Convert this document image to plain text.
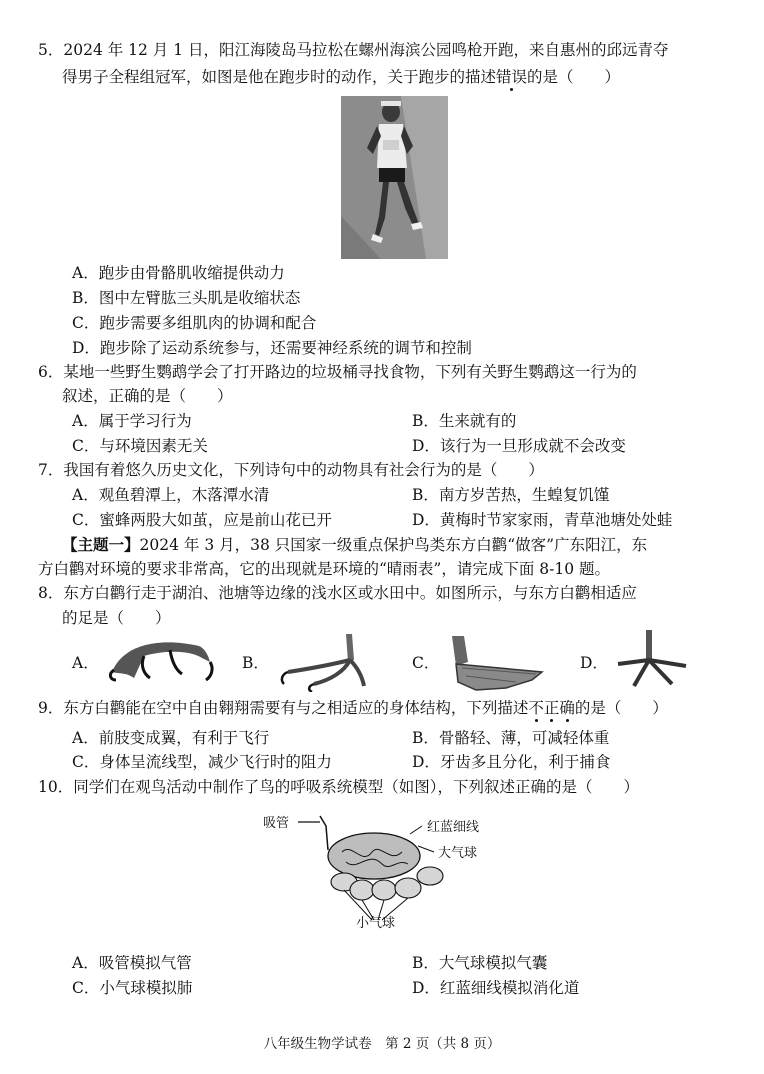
5．2024 年 12 月 1 日，阳江海陵岛马拉松在螺州海滨公园鸣枪开跑，来自惠州的邱远青夺
得男子全程组冠军，如图是他在跑步时的动作，关于跑步的描述错误的是（　　）
A．跑步由骨骼肌收缩提供动力
B．图中左臂肱三头肌是收缩状态
C．跑步需要多组肌肉的协调和配合
D．跑步除了运动系统参与，还需要神经系统的调节和控制
6．某地一些野生鹦鹉学会了打开路边的垃圾桶寻找食物，下列有关野生鹦鹉这一行为的
叙述，正确的是（　　）
A．属于学习行为	B．生来就有的
C．与环境因素无关	D．该行为一旦形成就不会改变
7．我国有着悠久历史文化，下列诗句中的动物具有社会行为的是（　　）
A．观鱼碧潭上，木落潭水清	B．南方岁苦热，生蝗复饥馑
C．蜜蜂两股大如茧，应是前山花已开	D．黄梅时节家家雨，青草池塘处处蛙
【主题一】2024 年 3 月，38 只国家一级重点保护鸟类东方白鹳“做客”广东阳江，东
方白鹳对环境的要求非常高，它的出现就是环境的“晴雨表”，请完成下面 8-10 题。
8．东方白鹳行走于湖泊、池塘等边缘的浅水区或水田中。如图所示，与东方白鹳相适应
的足是（　　）
A．	B．	C．	D．
9．东方白鹳能在空中自由翱翔需要有与之相适应的身体结构，下列描述不正确的是（　　）
A．前肢变成翼，有利于飞行	B．骨骼轻、薄，可减轻体重
C．身体呈流线型，减少飞行时的阻力	D．牙齿多且分化，利于捕食
10．同学们在观鸟活动中制作了鸟的呼吸系统模型（如图），下列叙述正确的是（　　）
吸管	红蓝细线
大气球
小气球
A．吸管模拟气管	B．大气球模拟气囊
C．小气球模拟肺	D．红蓝细线模拟消化道
八年级生物学试卷　第 2 页（共 8 页）
